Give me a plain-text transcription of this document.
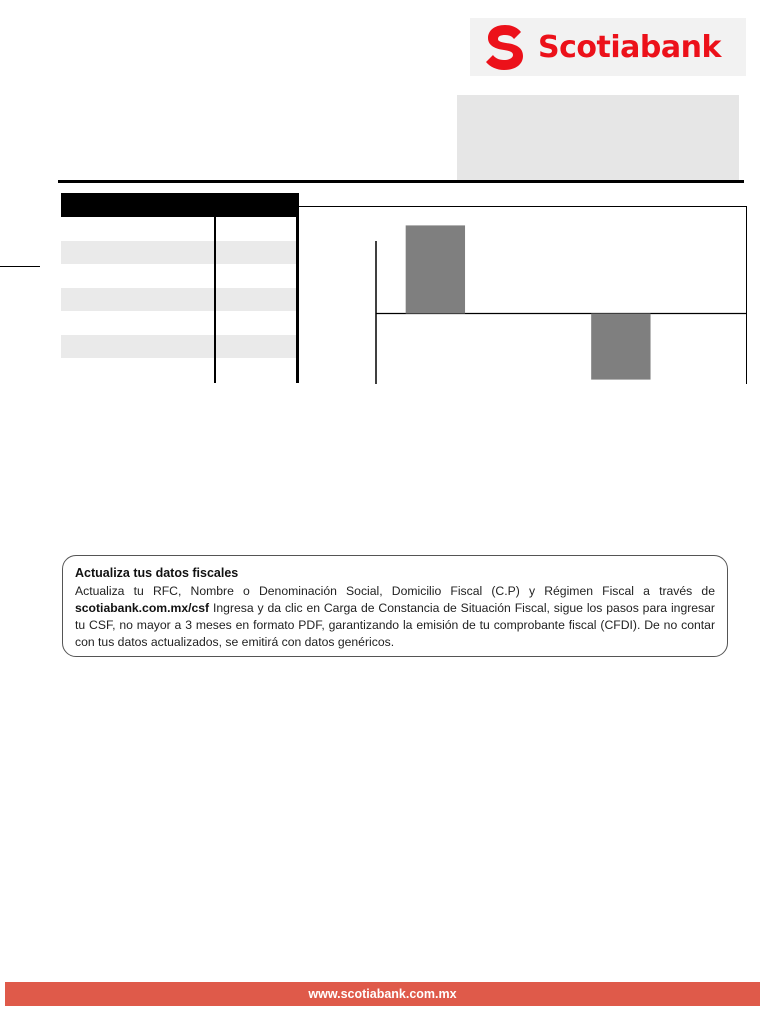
Scotiabank
Actualiza tus datos fiscales
Actualiza tu RFC, Nombre o Denominación Social, Domicilio Fiscal (C.P) y Régimen Fiscal a través de scotiabank.com.mx/csf Ingresa y da clic en Carga de Constancia de Situación Fiscal, sigue los pasos para ingresar tu CSF, no mayor a 3 meses en formato PDF, garantizando la emisión de tu comprobante fiscal (CFDI). De no contar con tus datos actualizados, se emitirá con datos genéricos.
www.scotiabank.com.mx
